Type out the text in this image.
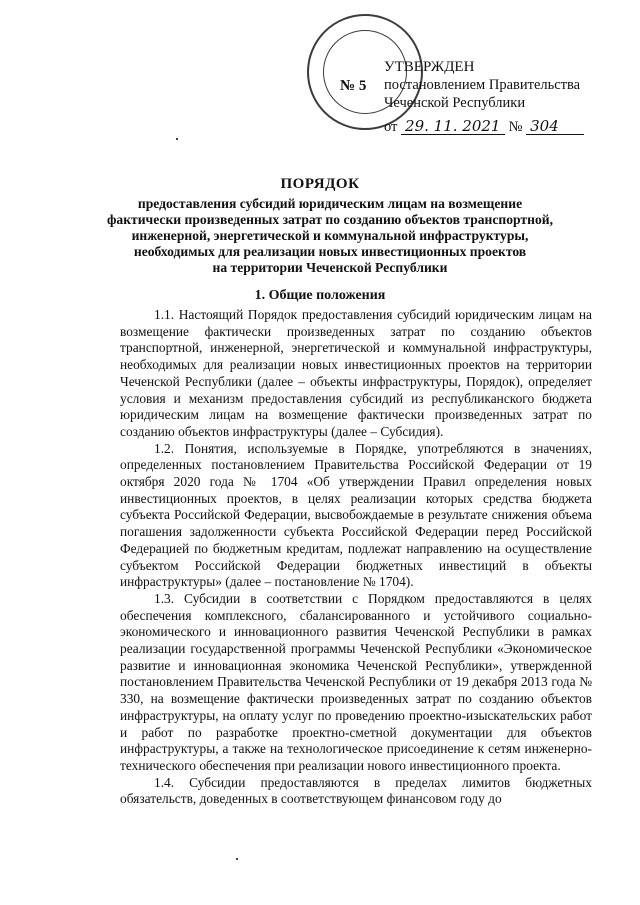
№ 5
УТВЕРЖДЕН
постановлением Правительства
Чеченской Республики
от 29. 11. 2021 № 304
ПОРЯДОК
предоставления субсидий юридическим лицам на возмещение
фактически произведенных затрат по созданию объектов транспортной,
инженерной, энергетической и коммунальной инфраструктуры,
необходимых для реализации новых инвестиционных проектов
на территории Чеченской Республики
1. Общие положения

1.1. Настоящий Порядок предоставления субсидий юридическим лицам на возмещение фактически произведенных затрат по созданию объектов транспортной, инженерной, энергетической и коммунальной инфраструктуры, необходимых для реализации новых инвестиционных проектов на территории Чеченской Республики (далее – объекты инфраструктуры, Порядок), определяет условия и механизм предоставления субсидий из республиканского бюджета юридическим лицам на возмещение фактически произведенных затрат по созданию объектов инфраструктуры (далее – Субсидия).

1.2. Понятия, используемые в Порядке, употребляются в значениях, определенных постановлением Правительства Российской Федерации от 19 октября 2020 года № 1704 «Об утверждении Правил определения новых инвестиционных проектов, в целях реализации которых средства бюджета субъекта Российской Федерации, высвобождаемые в результате снижения объема погашения задолженности субъекта Российской Федерации перед Российской Федерацией по бюджетным кредитам, подлежат направлению на осуществление субъектом Российской Федерации бюджетных инвестиций в объекты инфраструктуры» (далее – постановление № 1704).

1.3. Субсидии в соответствии с Порядком предоставляются в целях обеспечения комплексного, сбалансированного и устойчивого социально-экономического и инновационного развития Чеченской Республики в рамках реализации государственной программы Чеченской Республики «Экономическое развитие и инновационная экономика Чеченской Республики», утвержденной постановлением Правительства Чеченской Республики от 19 декабря 2013 года № 330, на возмещение фактически произведенных затрат по созданию объектов инфраструктуры, на оплату услуг по проведению проектно-изыскательских работ и работ по разработке проектно-сметной документации для объектов инфраструктуры, а также на технологическое присоединение к сетям инженерно-технического обеспечения при реализации нового инвестиционного проекта.

1.4. Субсидии предоставляются в пределах лимитов бюджетных обязательств, доведенных в соответствующем финансовом году до
